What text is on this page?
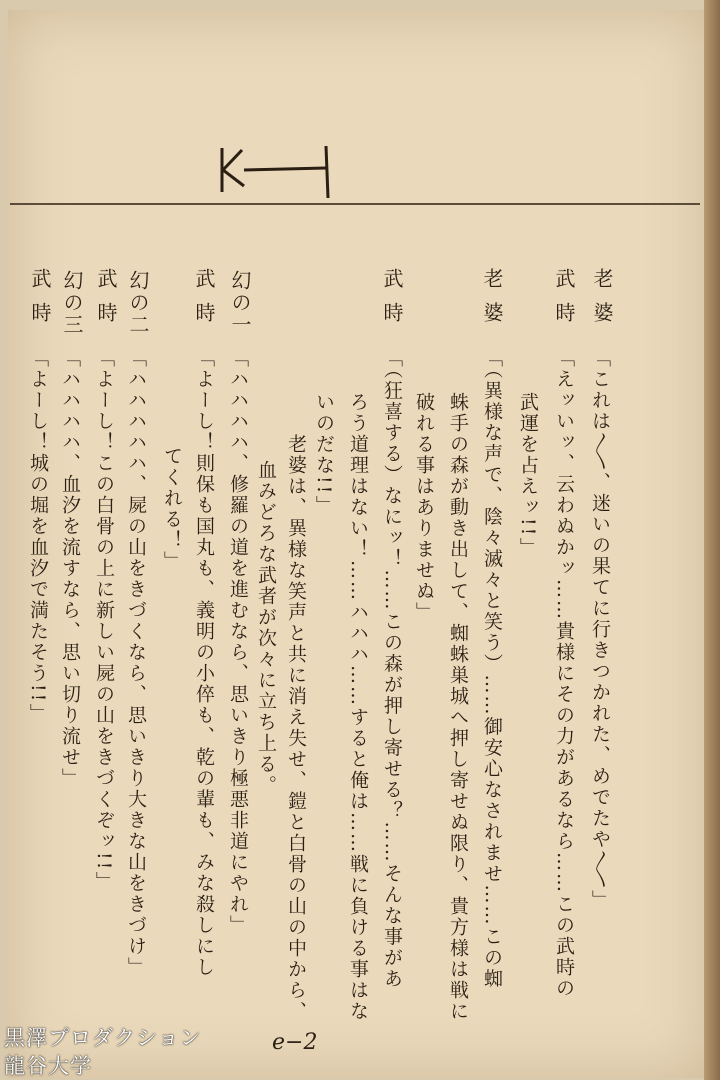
老婆
「これは〳〵、迷いの果てに行きつかれた、めでたや〳〵」
武時
「えッいッ、云わぬかッ……貴様にその力があるなら……この武時の
武運を占えッ!!」
老婆
「（異様な声で、陰々滅々と笑う）……御安心なされませ……この蜘
蛛手の森が動き出して、蜘蛛巣城へ押し寄せぬ限り、貴方様は戦に
破れる事はありませぬ」
武時
「（狂喜する）なにッ！……この森が押し寄せる？……そんな事があ
ろう道理はない！……ハハハ……すると俺は……戦に負ける事はな
いのだな!!」
老婆は、異様な笑声と共に消え失せ、鎧と白骨の山の中から、
血みどろな武者が次々に立ち上る。
幻の一
「ハハハハ、修羅の道を進むなら、思いきり極悪非道にやれ」
武時
「よーし！則保も国丸も、義明の小倅も、乾の輩も、みな殺しにし
てくれる！」
幻の二
「ハハハハハ、屍の山をきづくなら、思いきり大きな山をきづけ」
武時
「よーし！この白骨の上に新しい屍の山をきづくぞッ!!」
幻の三
「ハハハハ、血汐を流すなら、思い切り流せ」
武時
「よーし！城の堀を血汐で満たそう!!」
e−2
黒澤プロダクション
龍谷大学
